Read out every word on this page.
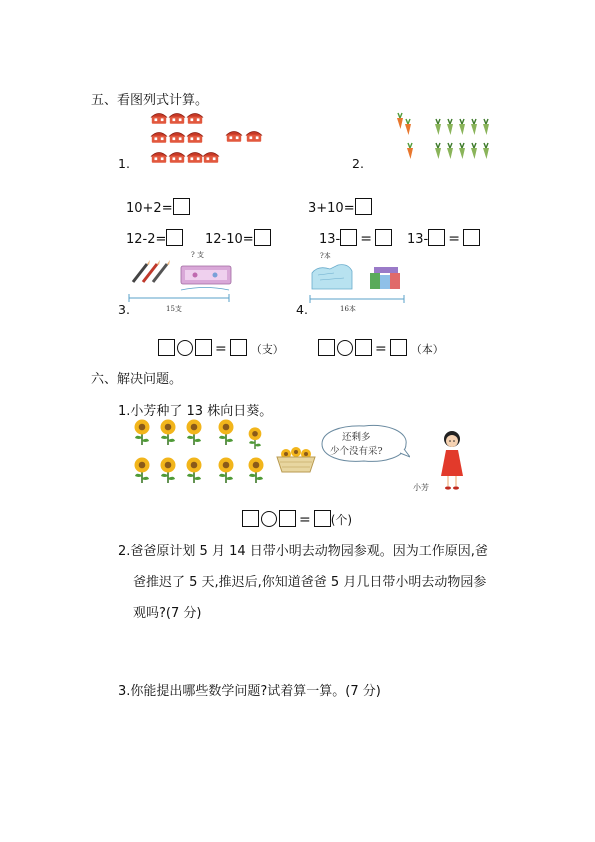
五、看图列式计算。
1.	2.
10+2=	3+10=
12-2=	12-10=	13- =	13- =
3.
? 支
15支	4.
?本
16本
= （支）	= （本）
六、解决问题。
1.小芳种了 13 株向日葵。
还剩多
少个没有采?
小芳
= (个)
2.爸爸原计划 5 月 14 日带小明去动物园参观。因为工作原因,爸
爸推迟了 5 天,推迟后,你知道爸爸 5 月几日带小明去动物园参
观吗?(7 分)
3.你能提出哪些数学问题?试着算一算。(7 分)
